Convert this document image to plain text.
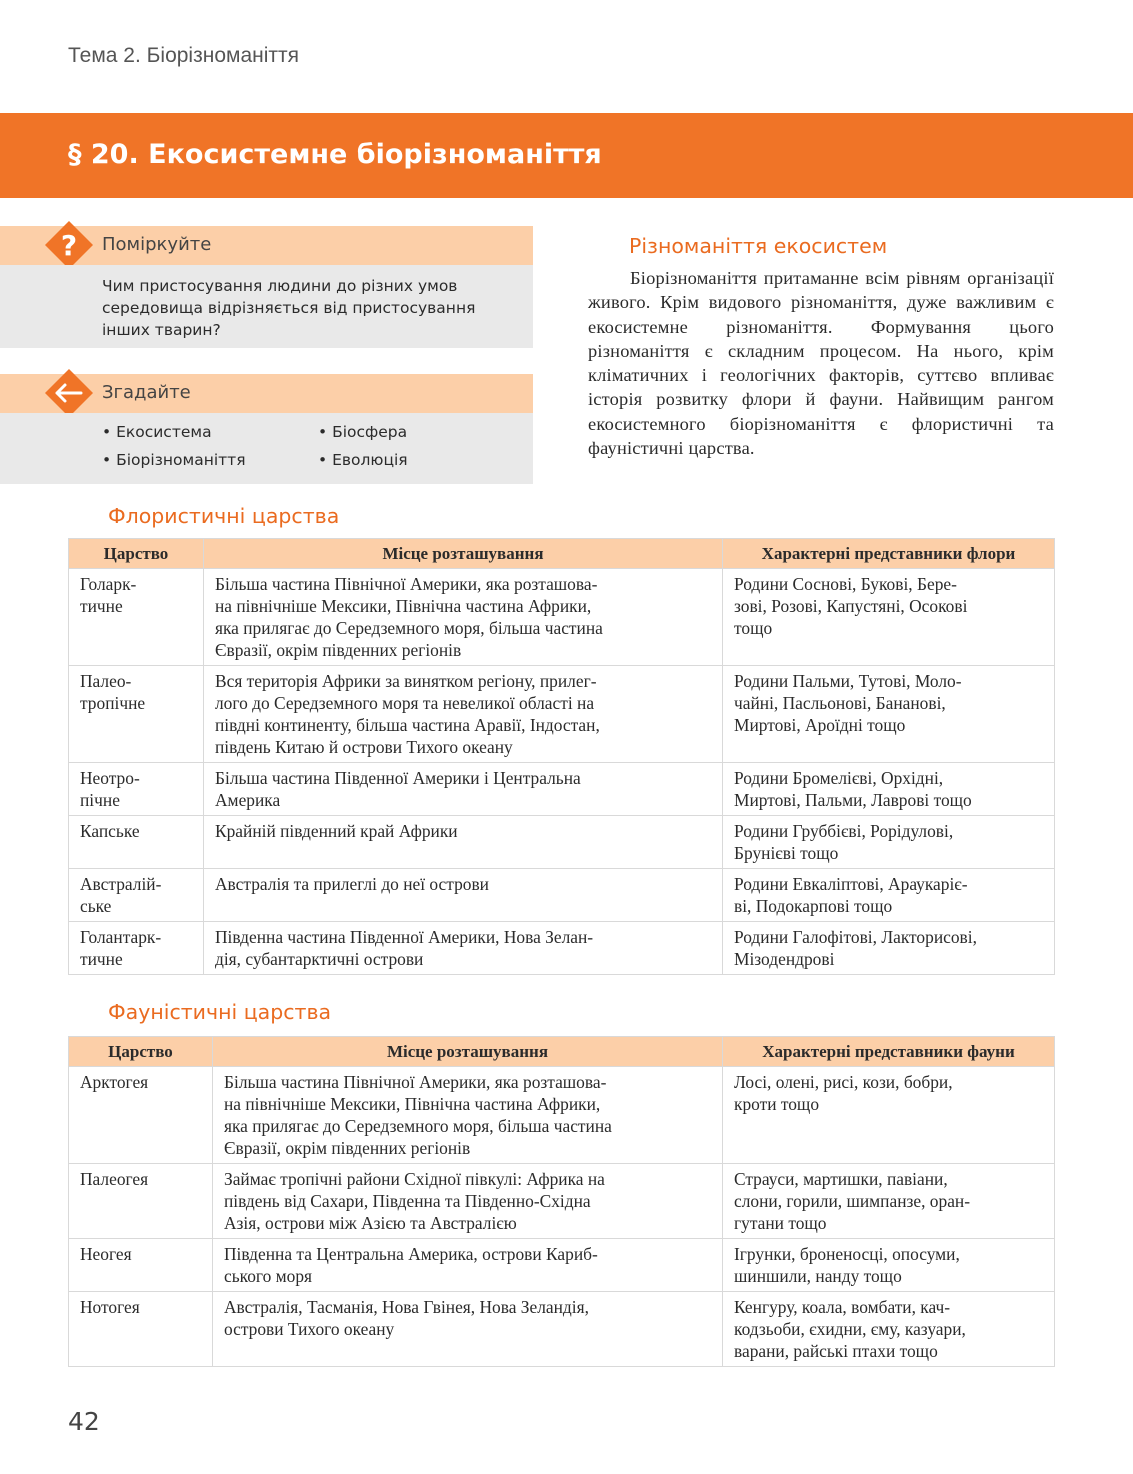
Тема 2. Біорізноманіття
§ 20. Екосистемне біорізноманіття
? Поміркуйте
Чим пристосування людини до різних умов середовища відрізняється від пристосування інших тварин?
Згадайте
• Екосистема	• Біосфера
• Біорізноманіття	• Еволюція
Різноманіття екосистем

Біорізноманіття притаманне всім рівням організації живого. Крім видового різноманіття, дуже важливим є екосистемне різноманіття. Формування цього різноманіття є складним процесом. На нього, крім кліматичних і геологічних факторів, суттєво впливає історія розвитку флори й фауни. Найвищим рангом екосистемного біорізноманіття є флористичні та фауністичні царства.

Флористичні царства
Царство	Місце розташування	Характерні представники флори
Голарк-
тичне	Більша частина Північної Америки, яка розташова-
на північніше Мексики, Північна частина Африки,
яка прилягає до Середземного моря, більша частина
Євразії, окрім південних регіонів	Родини Соснові, Букові, Бере-
зові, Розові, Капустяні, Осокові
тощо
Палео-
тропічне	Вся територія Африки за винятком регіону, прилег-
лого до Середземного моря та невеликої області на
півдні континенту, більша частина Аравії, Індостан,
південь Китаю й острови Тихого океану	Родини Пальми, Тутові, Моло-
чайні, Пасльонові, Бананові,
Миртові, Ароїдні тощо
Неотро-
пічне	Більша частина Південної Америки і Центральна
Америка	Родини Бромелієві, Орхідні,
Миртові, Пальми, Лаврові тощо
Капське	Крайній південний край Африки	Родини Груббієві, Рорідулові,
Брунієві тощо
Австралій-
ське	Австралія та прилеглі до неї острови	Родини Евкаліптові, Араукаріє-
ві, Подокарпові тощо
Голантарк-
тичне	Південна частина Південної Америки, Нова Зелан-
дія, субантарктичні острови	Родини Галофітові, Лакторисові,
Мізодендрові
Фауністичні царства
Царство	Місце розташування	Характерні представники фауни
Арктогея	Більша частина Північної Америки, яка розташова-
на північніше Мексики, Північна частина Африки,
яка прилягає до Середземного моря, більша частина
Євразії, окрім південних регіонів	Лосі, олені, рисі, кози, бобри,
кроти тощо
Палеогея	Займає тропічні райони Східної півкулі: Африка на
південь від Сахари, Південна та Південно-Східна
Азія, острови між Азією та Австралією	Страуси, мартишки, павіани,
слони, горили, шимпанзе, оран-
гутани тощо
Неогея	Південна та Центральна Америка, острови Кариб-
ського моря	Ігрунки, броненосці, опосуми,
шиншили, нанду тощо
Нотогея	Австралія, Тасманія, Нова Гвінея, Нова Зеландія,
острови Тихого океану	Кенгуру, коала, вомбати, кач-
кодзьоби, єхидни, єму, казуари,
варани, райські птахи тощо
42
